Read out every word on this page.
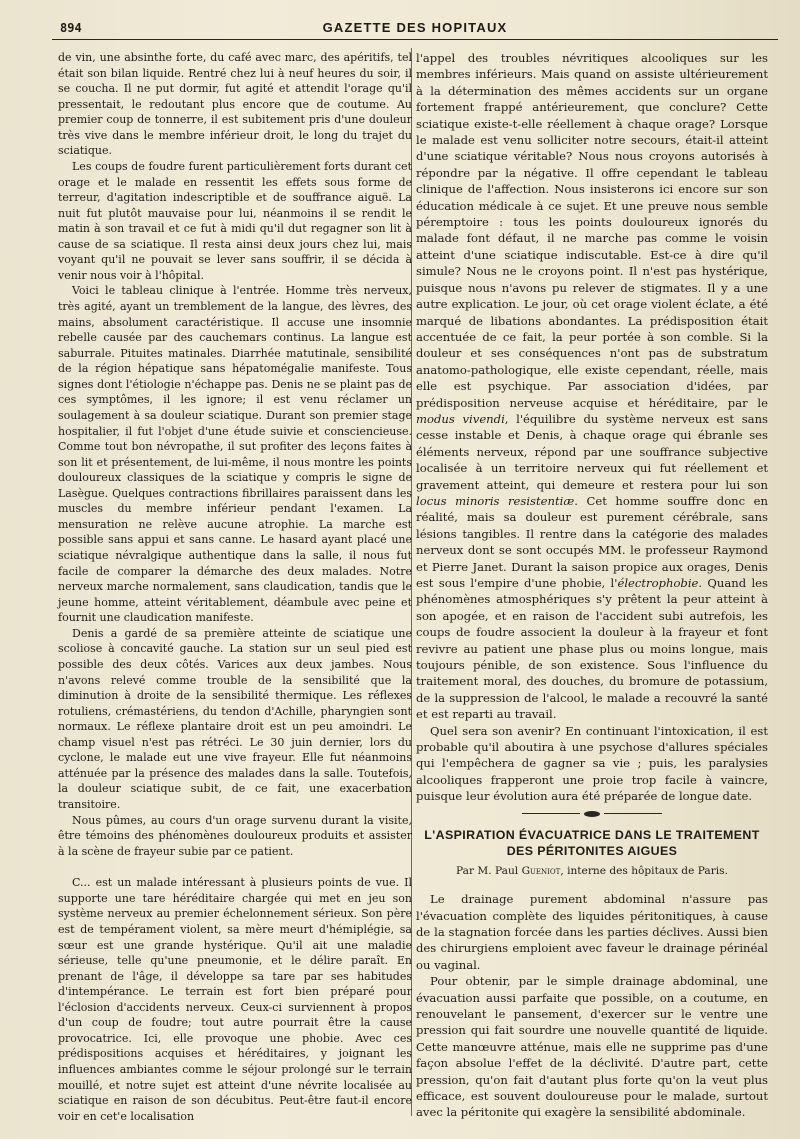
894	GAZETTE DES HOPITAUX

de vin, une absinthe forte, du café avec marc, des apéritifs, tel était son bilan liquide. Rentré chez lui à neuf heures du soir, il se coucha. Il ne put dormir, fut agité et attendit l'orage qu'il pressentait, le redoutant plus encore que de coutume. Au premier coup de tonnerre, il est subitement pris d'une douleur très vive dans le membre inférieur droit, le long du trajet du sciatique.

Les coups de foudre furent particulièrement forts durant cet orage et le malade en ressentit les effets sous forme de terreur, d'agitation indescriptible et de souffrance aiguë. La nuit fut plutôt mauvaise pour lui, néanmoins il se rendit le matin à son travail et ce fut à midi qu'il dut regagner son lit à cause de sa sciatique. Il resta ainsi deux jours chez lui, mais voyant qu'il ne pouvait se lever sans souffrir, il se décida à venir nous voir à l'hôpital.

Voici le tableau clinique à l'entrée. Homme très nerveux, très agité, ayant un tremblement de la langue, des lèvres, des mains, absolument caractéristique. Il accuse une insomnie rebelle causée par des cauchemars continus. La langue est saburrale. Pituites matinales. Diarrhée matutinale, sensibilité de la région hépatique sans hépatomégalie manifeste. Tous signes dont l'étiologie n'échappe pas. Denis ne se plaint pas de ces symptômes, il les ignore; il est venu réclamer un soulagement à sa douleur sciatique. Durant son premier stage hospitalier, il fut l'objet d'une étude suivie et consciencieuse. Comme tout bon névropathe, il sut profiter des leçons faites à son lit et présentement, de lui-même, il nous montre les points douloureux classiques de la sciatique y compris le signe de Lasègue. Quelques contractions fibrillaires paraissent dans les muscles du membre inférieur pendant l'examen. La mensuration ne relève aucune atrophie. La marche est possible sans appui et sans canne. Le hasard ayant placé une sciatique névralgique authentique dans la salle, il nous fut facile de comparer la démarche des deux malades. Notre nerveux marche normalement, sans claudication, tandis que le jeune homme, atteint véritablement, déambule avec peine et fournit une claudication manifeste.

Denis a gardé de sa première atteinte de sciatique une scoliose à concavité gauche. La station sur un seul pied est possible des deux côtés. Varices aux deux jambes. Nous n'avons relevé comme trouble de la sensibilité que la diminution à droite de la sensibilité thermique. Les réflexes rotuliens, crémastériens, du tendon d'Achille, pharyngien sont normaux. Le réflexe plantaire droit est un peu amoindri. Le champ visuel n'est pas rétréci. Le 30 juin dernier, lors du cyclone, le malade eut une vive frayeur. Elle fut néanmoins atténuée par la présence des malades dans la salle. Toutefois, la douleur sciatique subit, de ce fait, une exacerbation transitoire.

Nous pûmes, au cours d'un orage survenu durant la visite, être témoins des phénomènes douloureux produits et assister à la scène de frayeur subie par ce patient.

C... est un malade intéressant à plusieurs points de vue. Il supporte une tare héréditaire chargée qui met en jeu son système nerveux au premier échelonnement sérieux. Son père est de tempérament violent, sa mère meurt d'hémiplégie, sa sœur est une grande hystérique. Qu'il ait une maladie sérieuse, telle qu'une pneumonie, et le délire paraît. En prenant de l'âge, il développe sa tare par ses habitudes d'intempérance. Le terrain est fort bien préparé pour l'éclosion d'accidents nerveux. Ceux-ci surviennent à propos d'un coup de foudre; tout autre pourrait être la cause provocatrice. Ici, elle provoque une phobie. Avec ces prédispositions acquises et héréditaires, y joignant les influences ambiantes comme le séjour prolongé sur le terrain mouillé, et notre sujet est atteint d'une névrite localisée au sciatique en raison de son décubitus. Peut-être faut-il encore voir en cet'e localisation

l'appel des troubles névritiques alcooliques sur les membres inférieurs. Mais quand on assiste ultérieurement à la détermination des mêmes accidents sur un organe fortement frappé antérieurement, que conclure? Cette sciatique existe-t-elle réellement à chaque orage? Lorsque le malade est venu solliciter notre secours, était-il atteint d'une sciatique véritable? Nous nous croyons autorisés à répondre par la négative. Il offre cependant le tableau clinique de l'affection. Nous insisterons ici encore sur son éducation médicale à ce sujet. Et une preuve nous semble péremptoire : tous les points douloureux ignorés du malade font défaut, il ne marche pas comme le voisin atteint d'une sciatique indiscutable. Est-ce à dire qu'il simule? Nous ne le croyons point. Il n'est pas hystérique, puisque nous n'avons pu relever de stigmates. Il y a une autre explication. Le jour, où cet orage violent éclate, a été marqué de libations abondantes. La prédisposition était accentuée de ce fait, la peur portée à son comble. Si la douleur et ses conséquences n'ont pas de substratum anatomo-pathologique, elle existe cependant, réelle, mais elle est psychique. Par association d'idées, par prédisposition nerveuse acquise et héréditaire, par le modus vivendi, l'équilibre du système nerveux est sans cesse instable et Denis, à chaque orage qui ébranle ses éléments nerveux, répond par une souffrance subjective localisée à un territoire nerveux qui fut réellement et gravement atteint, qui demeure et restera pour lui son locus minoris resistentiæ. Cet homme souffre donc en réalité, mais sa douleur est purement cérébrale, sans lésions tangibles. Il rentre dans la catégorie des malades nerveux dont se sont occupés MM. le professeur Raymond et Pierre Janet. Durant la saison propice aux orages, Denis est sous l'empire d'une phobie, l'électrophobie. Quand les phénomènes atmosphériques s'y prêtent la peur atteint à son apogée, et en raison de l'accident subi autrefois, les coups de foudre associent la douleur à la frayeur et font revivre au patient une phase plus ou moins longue, mais toujours pénible, de son existence. Sous l'influence du traitement moral, des douches, du bromure de potassium, de la suppression de l'alcool, le malade a recouvré la santé et est reparti au travail.

Quel sera son avenir? En continuant l'intoxication, il est probable qu'il aboutira à une psychose d'allures spéciales qui l'empêchera de gagner sa vie ; puis, les paralysies alcooliques frapperont une proie trop facile à vaincre, puisque leur évolution aura été préparée de longue date.

L'ASPIRATION ÉVACUATRICE DANS LE TRAITEMENT
DES PÉRITONITES AIGUES
Par M. Paul Gueniot, interne des hôpitaux de Paris.

Le drainage purement abdominal n'assure pas l'évacuation complète des liquides péritonitiques, à cause de la stagnation forcée dans les parties déclives. Aussi bien des chirurgiens emploient avec faveur le drainage périnéal ou vaginal.

Pour obtenir, par le simple drainage abdominal, une évacuation aussi parfaite que possible, on a coutume, en renouvelant le pansement, d'exercer sur le ventre une pression qui fait sourdre une nouvelle quantité de liquide. Cette manœuvre atténue, mais elle ne supprime pas d'une façon absolue l'effet de la déclivité. D'autre part, cette pression, qu'on fait d'autant plus forte qu'on la veut plus efficace, est souvent douloureuse pour le malade, surtout avec la péritonite qui exagère la sensibilité abdominale.
